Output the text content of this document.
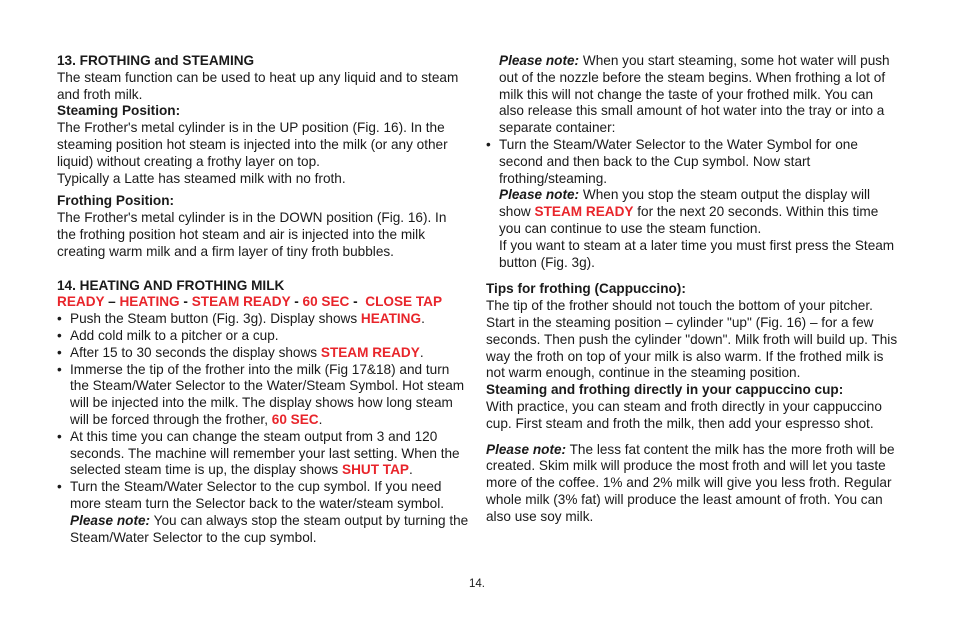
13. FROTHING and STEAMING

The steam function can be used to heat up any liquid and to steam and froth milk.

Steaming Position:

The Frother's metal cylinder is in the UP position (Fig. 16). In the steaming position hot steam is injected into the milk (or any other liquid) without creating a frothy layer on top.

Typically a Latte has steamed milk with no froth.

Frothing Position:

The Frother's metal cylinder is in the DOWN position (Fig. 16). In the frothing position hot steam and air is injected into the milk creating warm milk and a firm layer of tiny froth bubbles.

14. HEATING AND FROTHING MILK

READY – HEATING - STEAM READY - 60 SEC -  CLOSE TAP

• Push the Steam button (Fig. 3g). Display shows HEATING.

• Add cold milk to a pitcher or a cup.

• After 15 to 30 seconds the display shows STEAM READY.

• Immerse the tip of the frother into the milk (Fig 17&18) and turn the Steam/Water Selector to the Water/Steam Symbol. Hot steam will be injected into the milk. The display shows how long steam will be forced through the frother, 60 SEC.

• At this time you can change the steam output from 3 and 120 seconds. The machine will remember your last setting. When the selected steam time is up, the display shows SHUT TAP.

• Turn the Steam/Water Selector to the cup symbol. If you need more steam turn the Selector back to the water/steam symbol.
Please note: You can always stop the steam output by turning the Steam/Water Selector to the cup symbol.

Please note: When you start steaming, some hot water will push out of the nozzle before the steam begins. When frothing a lot of milk this will not change the taste of your frothed milk. You can also release this small amount of hot water into the tray or into a separate container:

• Turn the Steam/Water Selector to the Water Symbol for one second and then back to the Cup symbol. Now start frothing/steaming.

Please note: When you stop the steam output the display will show STEAM READY for the next 20 seconds. Within this time you can continue to use the steam function.

If you want to steam at a later time you must first press the Steam button (Fig. 3g).

Tips for frothing (Cappuccino):

The tip of the frother should not touch the bottom of your pitcher. Start in the steaming position – cylinder "up" (Fig. 16) – for a few seconds. Then push the cylinder "down". Milk froth will build up. This way the froth on top of your milk is also warm. If the frothed milk is not warm enough, continue in the steaming position.

Steaming and frothing directly in your cappuccino cup:

With practice, you can steam and froth directly in your cappuccino cup. First steam and froth the milk, then add your espresso shot.

Please note: The less fat content the milk has the more froth will be created. Skim milk will produce the most froth and will let you taste more of the coffee. 1% and 2% milk will give you less froth. Regular whole milk (3% fat) will produce the least amount of froth. You can also use soy milk.

14.
